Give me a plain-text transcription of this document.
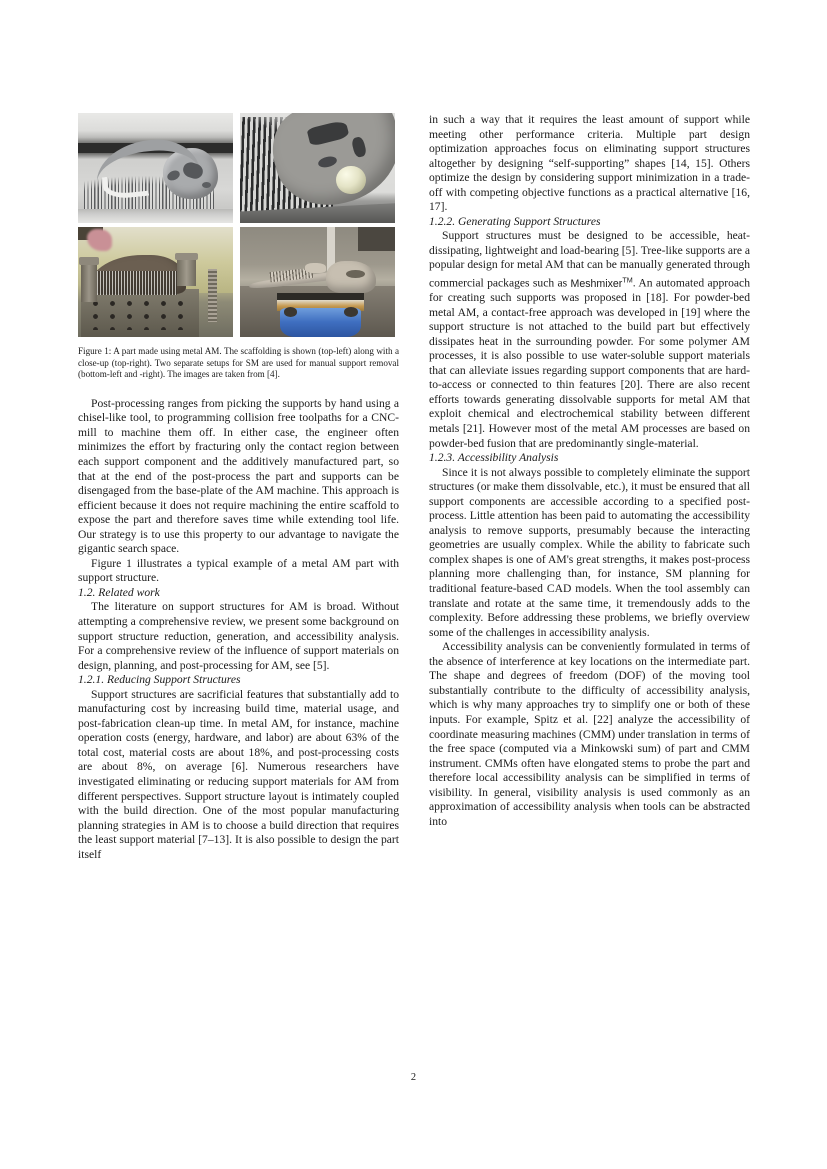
Figure 1: A part made using metal AM. The scaffolding is shown (top-left) along with a close-up (top-right). Two separate setups for SM are used for manual support removal (bottom-left and -right). The images are taken from [4].

Post-processing ranges from picking the supports by hand using a chisel-like tool, to programming collision free toolpaths for a CNC-mill to machine them off. In either case, the engineer often minimizes the effort by fracturing only the contact region between each support component and the additively manufactured part, so that at the end of the post-process the part and supports can be disengaged from the base-plate of the AM machine. This approach is efficient because it does not require machining the entire scaffold to expose the part and therefore saves time while extending tool life. Our strategy is to use this property to our advantage to navigate the gigantic search space.

Figure 1 illustrates a typical example of a metal AM part with support structure.

1.2. Related work

The literature on support structures for AM is broad. Without attempting a comprehensive review, we present some background on support structure reduction, generation, and accessibility analysis. For a comprehensive review of the influence of support materials on design, planning, and post-processing for AM, see [5].

1.2.1. Reducing Support Structures

Support structures are sacrificial features that substantially add to manufacturing cost by increasing build time, material usage, and post-fabrication clean-up time. In metal AM, for instance, machine operation costs (energy, hardware, and labor) are about 63% of the total cost, material costs are about 18%, and post-processing costs are about 8%, on average [6]. Numerous researchers have investigated eliminating or reducing support materials for AM from different perspectives. Support structure layout is intimately coupled with the build direction. One of the most popular manufacturing planning strategies in AM is to choose a build direction that requires the least support material [7–13]. It is also possible to design the part itself

in such a way that it requires the least amount of support while meeting other performance criteria. Multiple part design optimization approaches focus on eliminating support structures altogether by designing “self-supporting” shapes [14, 15]. Others optimize the design by considering support minimization in a trade-off with competing objective functions as a practical alternative [16, 17].

1.2.2. Generating Support Structures

Support structures must be designed to be accessible, heat-dissipating, lightweight and load-bearing [5]. Tree-like supports are a popular design for metal AM that can be manually generated through commercial packages such as Meshmixer™. An automated approach for creating such supports was proposed in [18]. For powder-bed metal AM, a contact-free approach was developed in [19] where the support structure is not attached to the build part but effectively dissipates heat in the surrounding powder. For some polymer AM processes, it is also possible to use water-soluble support materials that can alleviate issues regarding support components that are hard-to-access or connected to thin features [20]. There are also recent efforts towards generating dissolvable supports for metal AM that exploit chemical and electrochemical stability between different metals [21]. However most of the metal AM processes are based on powder-bed fusion that are predominantly single-material.

1.2.3. Accessibility Analysis

Since it is not always possible to completely eliminate the support structures (or make them dissolvable, etc.), it must be ensured that all support components are accessible according to a specified post-process. Little attention has been paid to automating the accessibility analysis to remove supports, presumably because the interacting geometries are usually complex. While the ability to fabricate such complex shapes is one of AM's great strengths, it makes post-process planning more challenging than, for instance, SM planning for traditional feature-based CAD models. When the tool assembly can translate and rotate at the same time, it tremendously adds to the complexity. Before addressing these problems, we briefly overview some of the challenges in accessibility analysis.

Accessibility analysis can be conveniently formulated in terms of the absence of interference at key locations on the intermediate part. The shape and degrees of freedom (DOF) of the moving tool substantially contribute to the difficulty of accessibility analysis, which is why many approaches try to simplify one or both of these inputs. For example, Spitz et al. [22] analyze the accessibility of coordinate measuring machines (CMM) under translation in terms of the free space (computed via a Minkowski sum) of part and CMM instrument. CMMs often have elongated stems to probe the part and therefore local accessibility analysis can be simplified in terms of visibility. In general, visibility analysis is used commonly as an approximation of accessibility analysis when tools can be abstracted into

2
